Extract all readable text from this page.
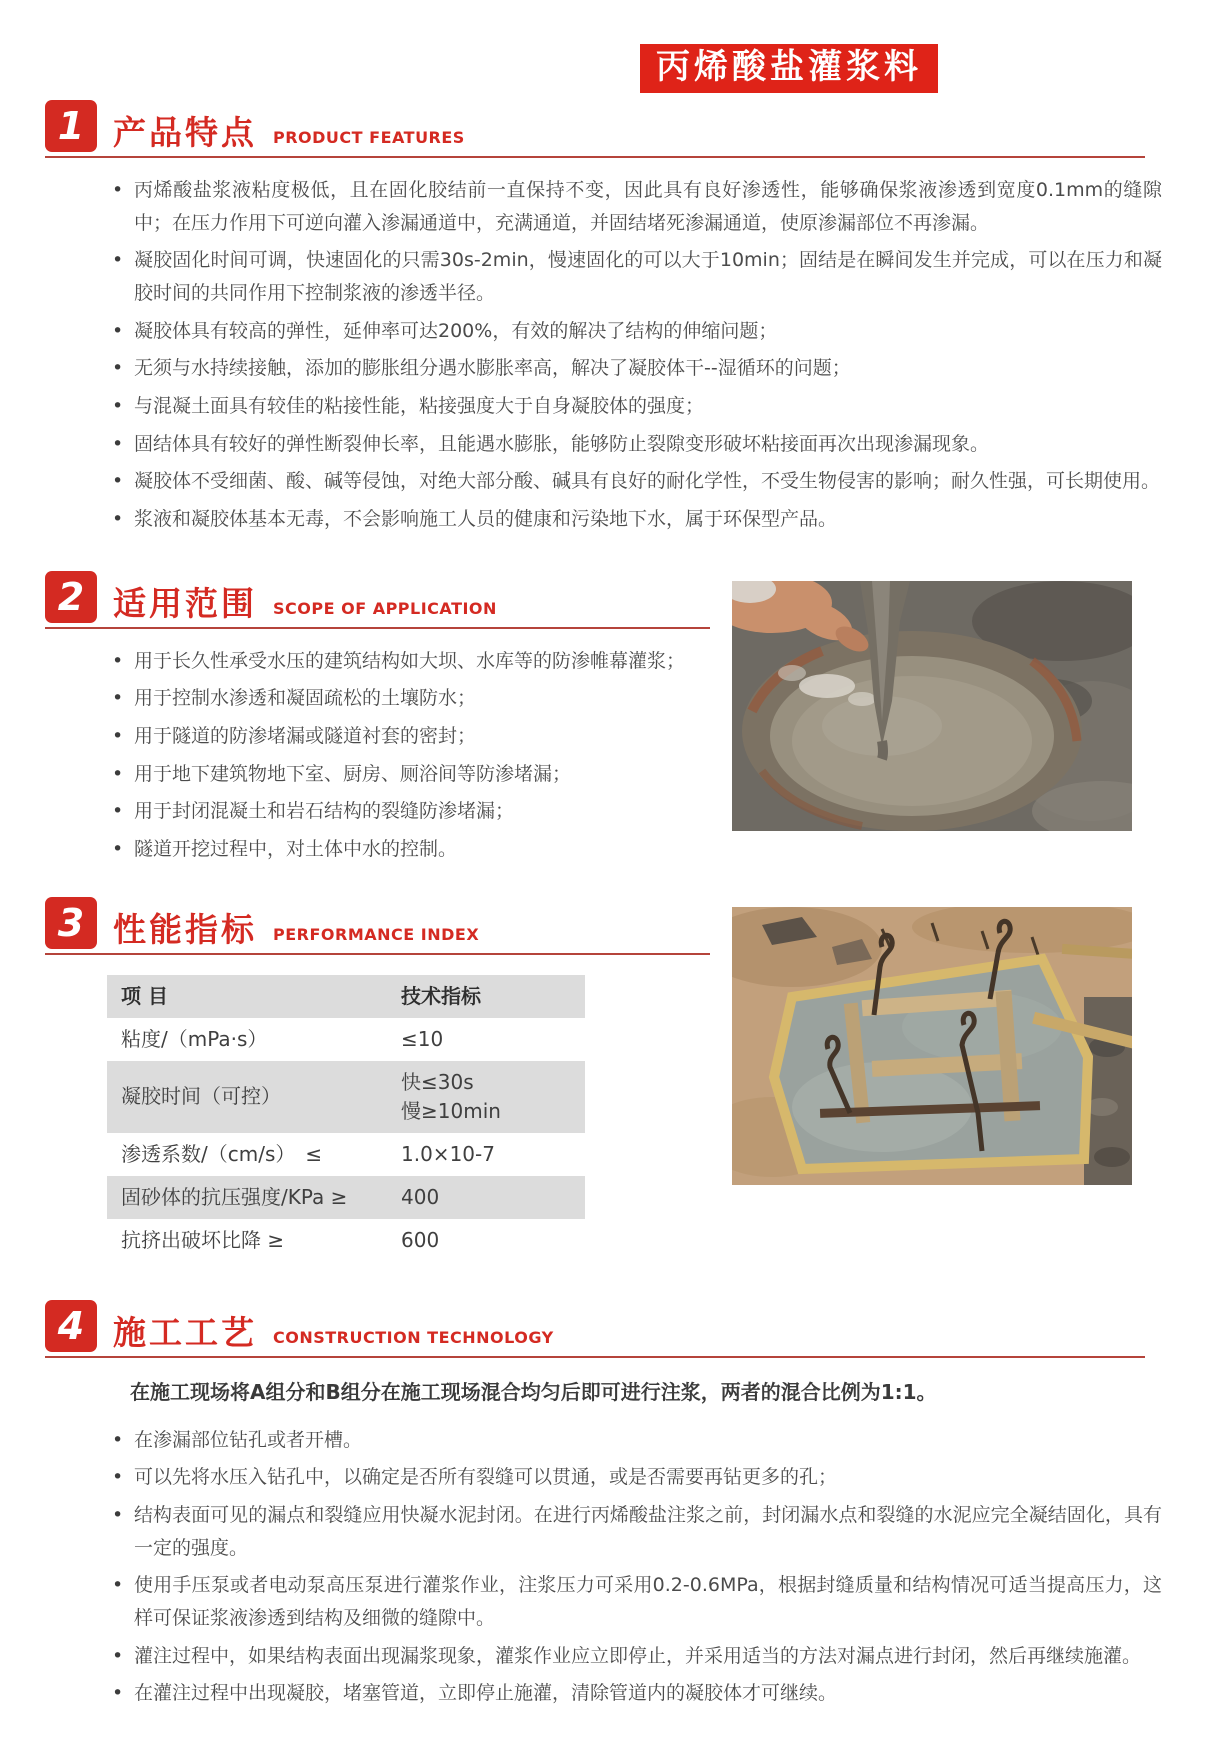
丙烯酸盐灌浆料
1 产品特点 PRODUCT FEATURES
• 丙烯酸盐浆液粘度极低，且在固化胶结前一直保持不变，因此具有良好渗透性，能够确保浆液渗透到宽度0.1mm的缝隙中；在压力作用下可逆向灌入渗漏通道中，充满通道，并固结堵死渗漏通道，使原渗漏部位不再渗漏。
• 凝胶固化时间可调，快速固化的只需30s-2min，慢速固化的可以大于10min；固结是在瞬间发生并完成，可以在压力和凝胶时间的共同作用下控制浆液的渗透半径。
• 凝胶体具有较高的弹性，延伸率可达200%，有效的解决了结构的伸缩问题；
• 无须与水持续接触，添加的膨胀组分遇水膨胀率高，解决了凝胶体干--湿循环的问题；
• 与混凝土面具有较佳的粘接性能，粘接强度大于自身凝胶体的强度；
• 固结体具有较好的弹性断裂伸长率，且能遇水膨胀，能够防止裂隙变形破坏粘接面再次出现渗漏现象。
• 凝胶体不受细菌、酸、碱等侵蚀，对绝大部分酸、碱具有良好的耐化学性，不受生物侵害的影响；耐久性强，可长期使用。
• 浆液和凝胶体基本无毒，不会影响施工人员的健康和污染地下水，属于环保型产品。
2 适用范围 SCOPE OF APPLICATION
• 用于长久性承受水压的建筑结构如大坝、水库等的防渗帷幕灌浆；
• 用于控制水渗透和凝固疏松的土壤防水；
• 用于隧道的防渗堵漏或隧道衬套的密封；
• 用于地下建筑物地下室、厨房、厕浴间等防渗堵漏；
• 用于封闭混凝土和岩石结构的裂缝防渗堵漏；
• 隧道开挖过程中，对土体中水的控制。
3 性能指标 PERFORMANCE INDEX
项 目	技术指标
粘度/（mPa·s）	≤10
凝胶时间（可控）	快≤30s
慢≥10min

渗透系数/（cm/s）　≤	1.0×10-7
固砂体的抗压强度/KPa ≥	400
抗挤出破坏比降 ≥	600
4 施工工艺 CONSTRUCTION TECHNOLOGY
在施工现场将A组分和B组分在施工现场混合均匀后即可进行注浆，两者的混合比例为1:1。
• 在渗漏部位钻孔或者开槽。
• 可以先将水压入钻孔中，以确定是否所有裂缝可以贯通，或是否需要再钻更多的孔；
• 结构表面可见的漏点和裂缝应用快凝水泥封闭。在进行丙烯酸盐注浆之前，封闭漏水点和裂缝的水泥应完全凝结固化，具有一定的强度。
• 使用手压泵或者电动泵高压泵进行灌浆作业，注浆压力可采用0.2-0.6MPa，根据封缝质量和结构情况可适当提高压力，这样可保证浆液渗透到结构及细微的缝隙中。
• 灌注过程中，如果结构表面出现漏浆现象，灌浆作业应立即停止，并采用适当的方法对漏点进行封闭，然后再继续施灌。
• 在灌注过程中出现凝胶，堵塞管道，立即停止施灌，清除管道内的凝胶体才可继续。
